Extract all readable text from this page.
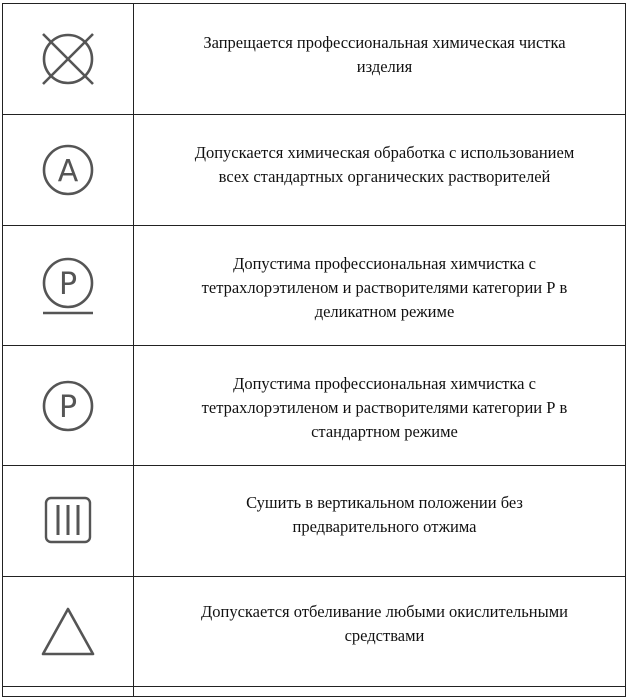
Запрещается профессиональная химическая чистка
изделия

A	Допускается химическая обработка с использованием
всех стандартных органических растворителей

P	Допустима профессиональная химчистка с
тетрахлорэтиленом и растворителями категории Р в
деликатном режиме

P	Допустима профессиональная химчистка с
тетрахлорэтиленом и растворителями категории Р в
стандартном режиме

Сушить в вертикальном положении без
предварительного отжима

Допускается отбеливание любыми окислительными
средствами
